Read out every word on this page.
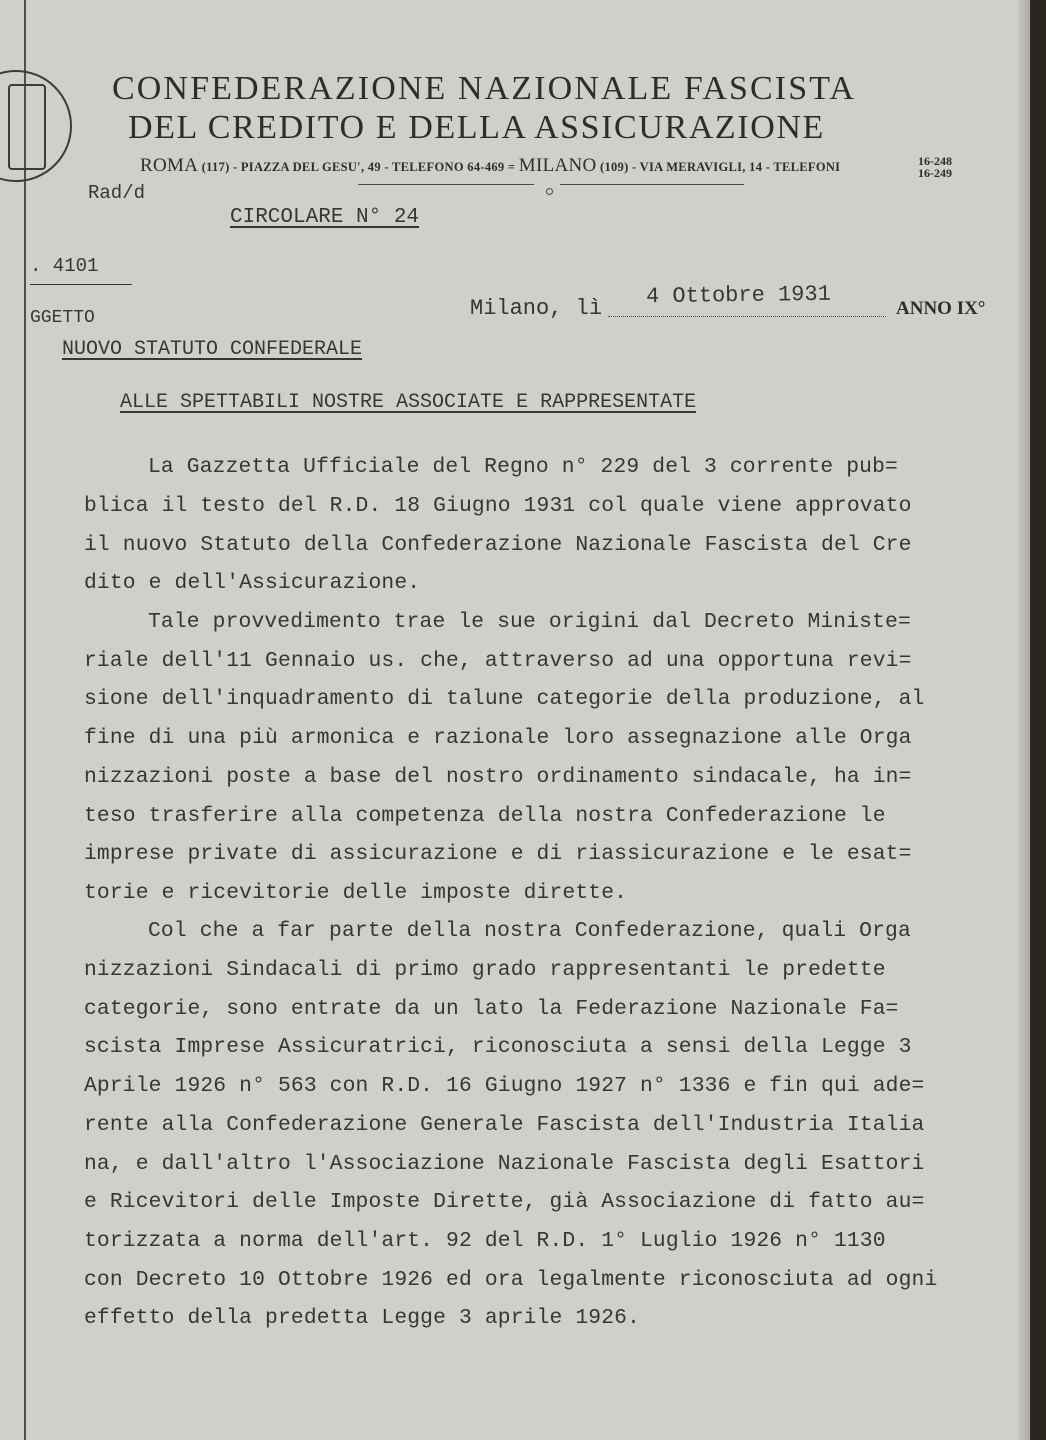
CONFEDERAZIONE NAZIONALE FASCISTA
DEL CREDITO E DELLA ASSICURAZIONE
ROMA (117) - PIAZZA DEL GESU', 49 - TELEFONO 64-469 = MILANO (109) - VIA MERAVIGLI, 14 - TELEFONI	16-248
16-249
Rad/d
CIRCOLARE N° 24
. 4101
GGETTO
NUOVO STATUTO CONFEDERALE
Milano, lì 4 Ottobre 1931	ANNO IX°
ALLE SPETTABILI NOSTRE ASSOCIATE E RAPPRESENTATE
La Gazzetta Ufficiale del Regno n° 229 del 3 corrente pub=
blica il testo del R.D. 18 Giugno 1931 col quale viene approvato
il nuovo Statuto della Confederazione Nazionale Fascista del Cre
dito e dell'Assicurazione.
Tale provvedimento trae le sue origini dal Decreto Ministe=
riale dell'11 Gennaio us. che, attraverso ad una opportuna revi=
sione dell'inquadramento di talune categorie della produzione, al
fine di una più armonica e razionale loro assegnazione alle Orga
nizzazioni poste a base del nostro ordinamento sindacale, ha in=
teso trasferire alla competenza della nostra Confederazione le
imprese private di assicurazione e di riassicurazione e le esat=
torie e ricevitorie delle imposte dirette.
Col che a far parte della nostra Confederazione, quali Orga
nizzazioni Sindacali di primo grado rappresentanti le predette
categorie, sono entrate da un lato la Federazione Nazionale Fa=
scista Imprese Assicuratrici, riconosciuta a sensi della Legge 3
Aprile 1926 n° 563 con R.D. 16 Giugno 1927 n° 1336 e fin qui ade=
rente alla Confederazione Generale Fascista dell'Industria Italia
na, e dall'altro l'Associazione Nazionale Fascista degli Esattori
e Ricevitori delle Imposte Dirette, già Associazione di fatto au=
torizzata a norma dell'art. 92 del R.D. 1° Luglio 1926 n° 1130
con Decreto 10 Ottobre 1926 ed ora legalmente riconosciuta ad ogni
effetto della predetta Legge 3 aprile 1926.
